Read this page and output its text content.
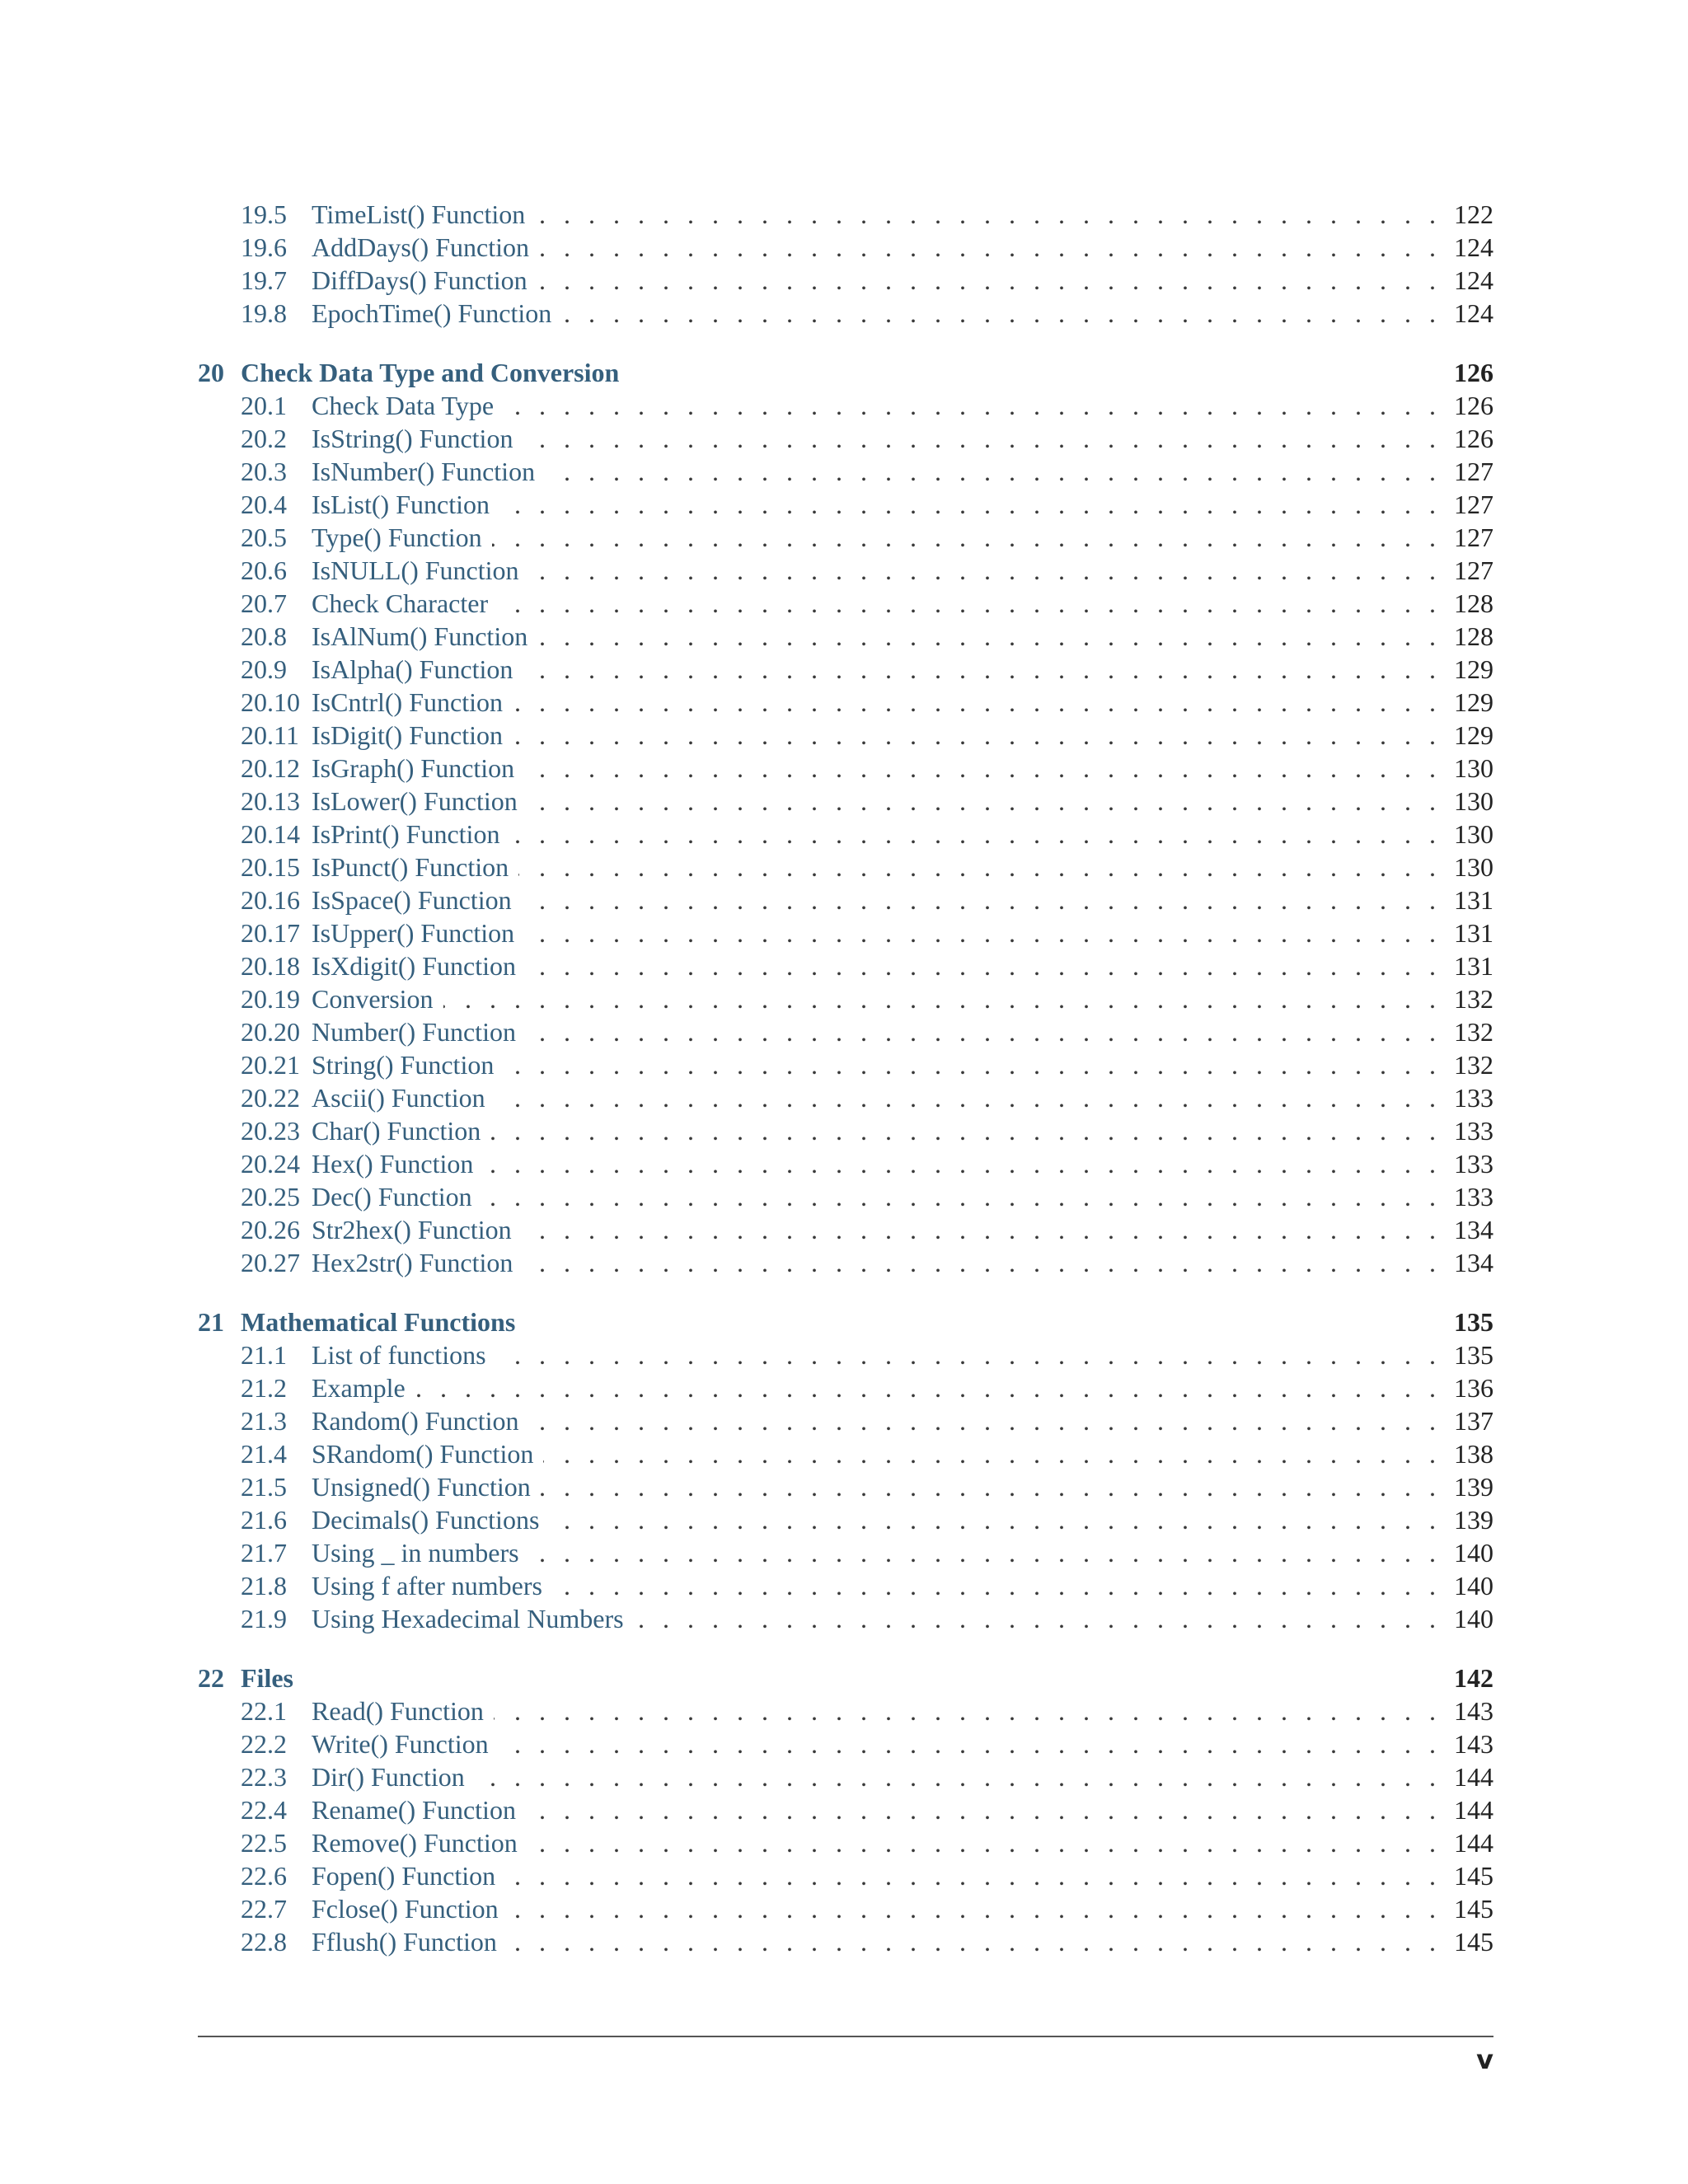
19.5 . . . TimeList() Function	122
19.6 . . . AddDays() Function	124
19.7 . . . DiffDays() Function	124
19.8 . . . EpochTime() Function	124
20 Check Data Type and Conversion	126
20.1 . . . Check Data Type	126
20.2 . . . IsString() Function	126
20.3 . . . IsNumber() Function	127
20.4 . . . IsList() Function	127
20.5 . . . Type() Function	127
20.6 . . . IsNULL() Function	127
20.7 . . . Check Character	128
20.8 . . . IsAlNum() Function	128
20.9 . . . IsAlpha() Function	129
20.10 . . . IsCntrl() Function	129
20.11 . . . IsDigit() Function	129
20.12 . . . IsGraph() Function	130
20.13 . . . IsLower() Function	130
20.14 . . . IsPrint() Function	130
20.15 . . . IsPunct() Function	130
20.16 . . . IsSpace() Function	131
20.17 . . . IsUpper() Function	131
20.18 . . . IsXdigit() Function	131
20.19 . . . Conversion	132
20.20 . . . Number() Function	132
20.21 . . . String() Function	132
20.22 . . . Ascii() Function	133
20.23 . . . Char() Function	133
20.24 . . . Hex() Function	133
20.25 . . . Dec() Function	133
20.26 . . . Str2hex() Function	134
20.27 . . . Hex2str() Function	134
21 Mathematical Functions	135
21.1 . . . List of functions	135
21.2 . . . Example	136
21.3 . . . Random() Function	137
21.4 . . . SRandom() Function	138
21.5 . . . Unsigned() Function	139
21.6 . . . Decimals() Functions	139
21.7 . . . Using _ in numbers	140
21.8 . . . Using f after numbers	140
21.9 . . . Using Hexadecimal Numbers	140
22 Files	142
22.1 . . . Read() Function	143
22.2 . . . Write() Function	143
22.3 . . . Dir() Function	144
22.4 . . . Rename() Function	144
22.5 . . . Remove() Function	144
22.6 . . . Fopen() Function	145
22.7 . . . Fclose() Function	145
22.8 . . . Fflush() Function	145
v
